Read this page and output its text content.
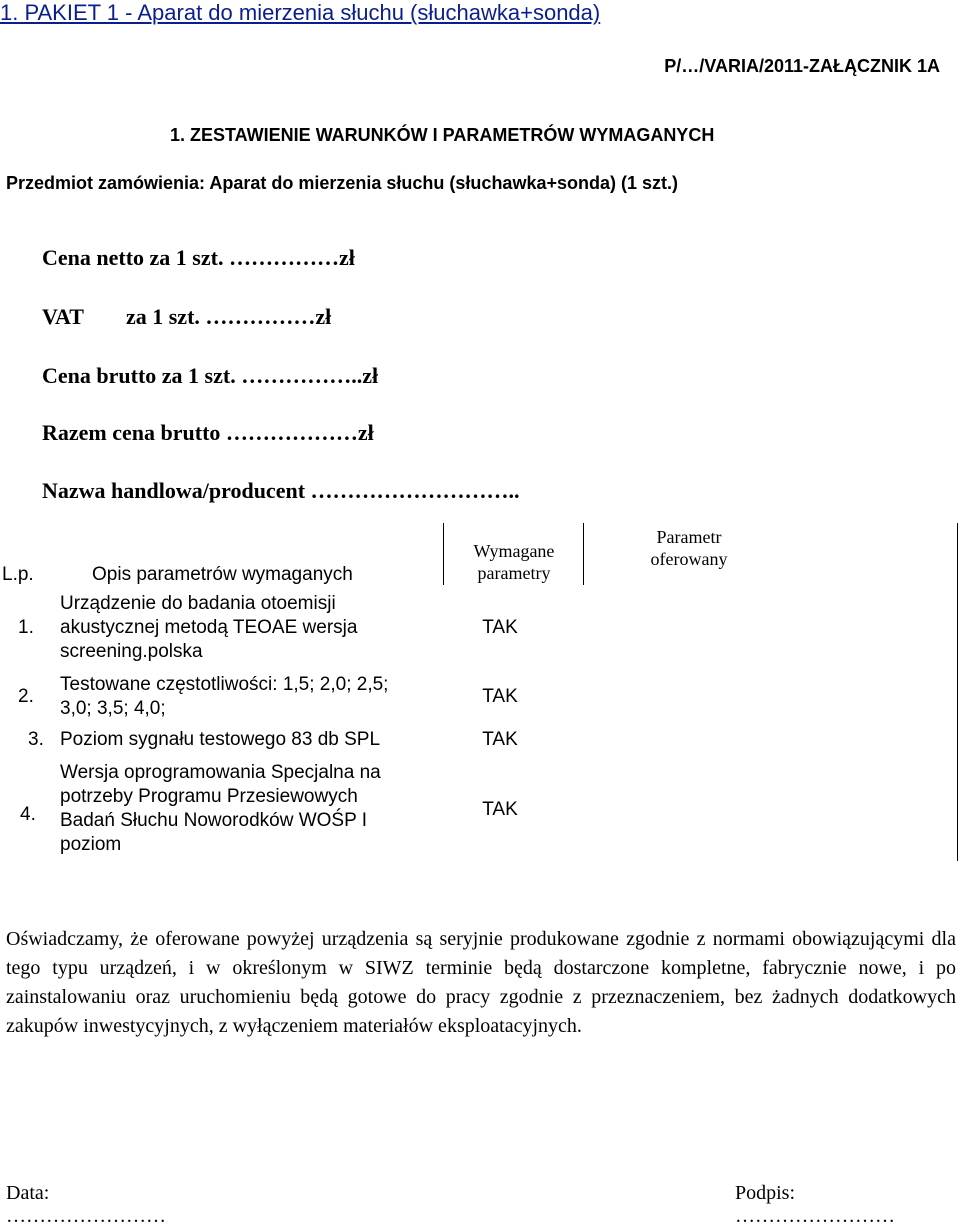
1. PAKIET 1 - Aparat do mierzenia słuchu (słuchawka+sonda)
P/…/VARIA/2011-ZAŁĄCZNIK 1A
1. ZESTAWIENIE WARUNKÓW I PARAMETRÓW WYMAGANYCH
Przedmiot zamówienia: Aparat do mierzenia słuchu (słuchawka+sonda) (1 szt.)
Cena netto za 1 szt. ……………zł
VAT za 1 szt. ……………zł
Cena brutto za 1 szt. ……………..zł
Razem cena brutto ………………zł
Nazwa handlowa/producent ………………………..
L.p.	Opis parametrów wymaganych
Wymagane
parametry
Parametr
oferowany
1.
Urządzenie do badania otoemisji
akustycznej metodą TEOAE wersja
screening.polska
TAK
2.
Testowane częstotliwości: 1,5; 2,0; 2,5;
3,0; 3,5; 4,0;
TAK
3. Poziom sygnału testowego 83 db SPL	TAK
4.
Wersja oprogramowania Specjalna na
potrzeby Programu Przesiewowych
Badań Słuchu Noworodków WOŚP I
poziom
TAK
Oświadczamy, że oferowane powyżej urządzenia są seryjnie produkowane zgodnie z normami obowiązującymi dla tego typu urządzeń, i w określonym w SIWZ terminie będą dostarczone kompletne, fabrycznie nowe, i po zainstalowaniu oraz uruchomieniu będą gotowe do pracy zgodnie z przeznaczeniem, bez żadnych dodatkowych zakupów inwestycyjnych, z wyłączeniem materiałów eksploatacyjnych.
Data:
……………………
Podpis:
……………………
